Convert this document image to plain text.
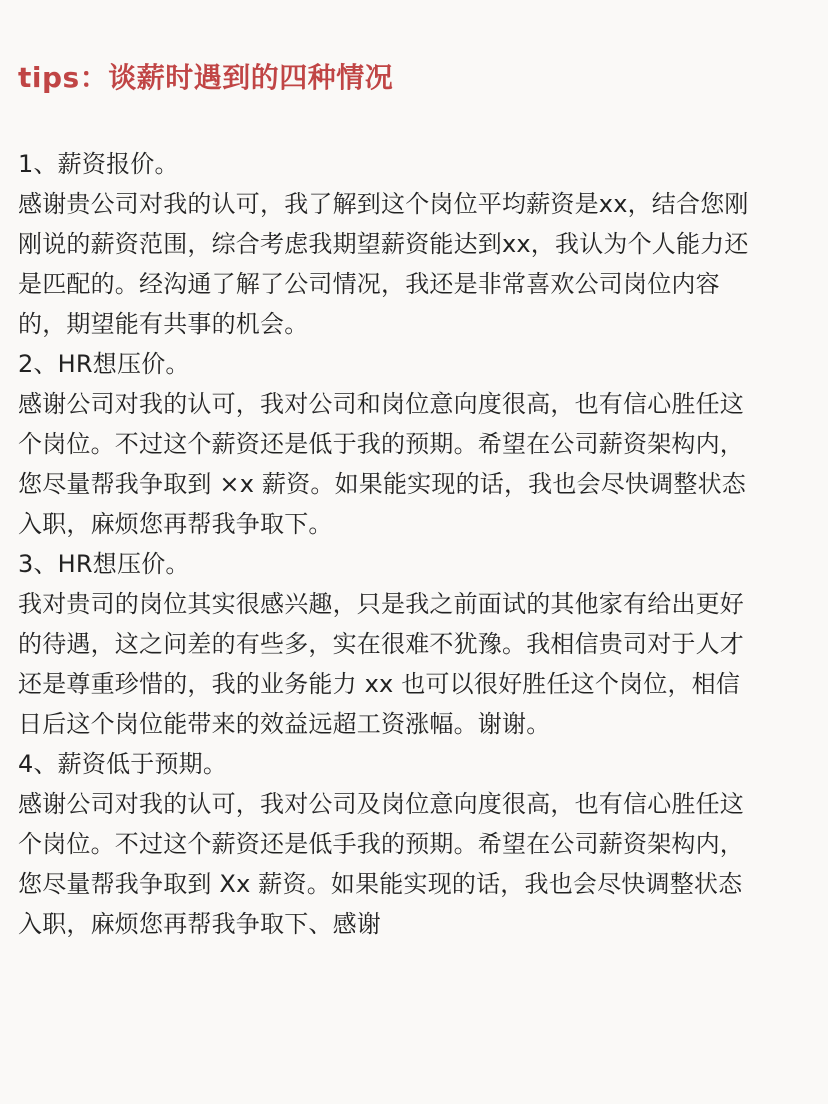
tips：谈薪时遇到的四种情况
1、薪资报价。
感谢贵公司对我的认可，我了解到这个岗位平均薪资是xx，结合您刚
刚说的薪资范围，综合考虑我期望薪资能达到xx，我认为个人能力还
是匹配的。经沟通了解了公司情况，我还是非常喜欢公司岗位内容
的，期望能有共事的机会。
2、HR想压价。
感谢公司对我的认可，我对公司和岗位意向度很高，也有信心胜任这
个岗位。不过这个薪资还是低于我的预期。希望在公司薪资架构内，
您尽量帮我争取到 ×x 薪资。如果能实现的话，我也会尽快调整状态
入职，麻烦您再帮我争取下。
3、HR想压价。
我对贵司的岗位其实很感兴趣，只是我之前面试的其他家有给出更好
的待遇，这之问差的有些多，实在很难不犹豫。我相信贵司对于人才
还是尊重珍惜的，我的业务能力 xx 也可以很好胜任这个岗位，相信
日后这个岗位能带来的效益远超工资涨幅。谢谢。
4、薪资低于预期。
感谢公司对我的认可，我对公司及岗位意向度很高，也有信心胜任这
个岗位。不过这个薪资还是低手我的预期。希望在公司薪资架构内，
您尽量帮我争取到 Xx 薪资。如果能实现的话，我也会尽快调整状态
入职，麻烦您再帮我争取下、感谢
